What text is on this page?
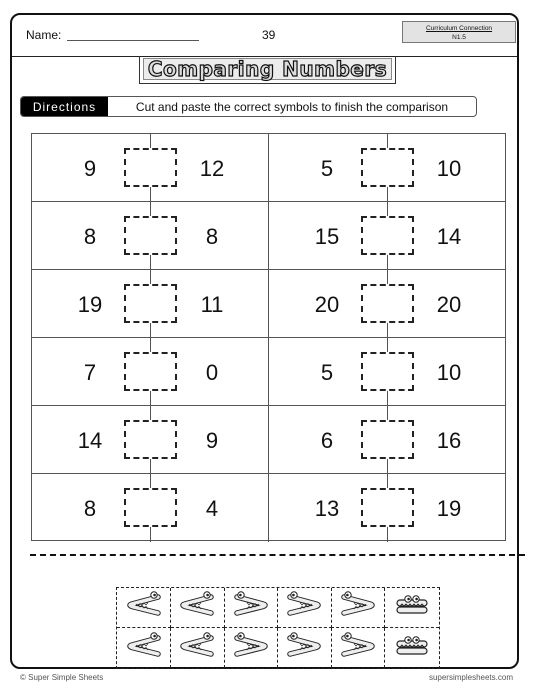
Name:	39	Curriculum Connection
N1.5
Comparing Numbers
Directions	Cut and paste the correct symbols to finish the comparison
9	12	5	10
8	8	15	14
19	11	20	20
7	0	5	10
14	9	6	16
8	4	13	19
© Super Simple Sheets	supersimplesheets.com
